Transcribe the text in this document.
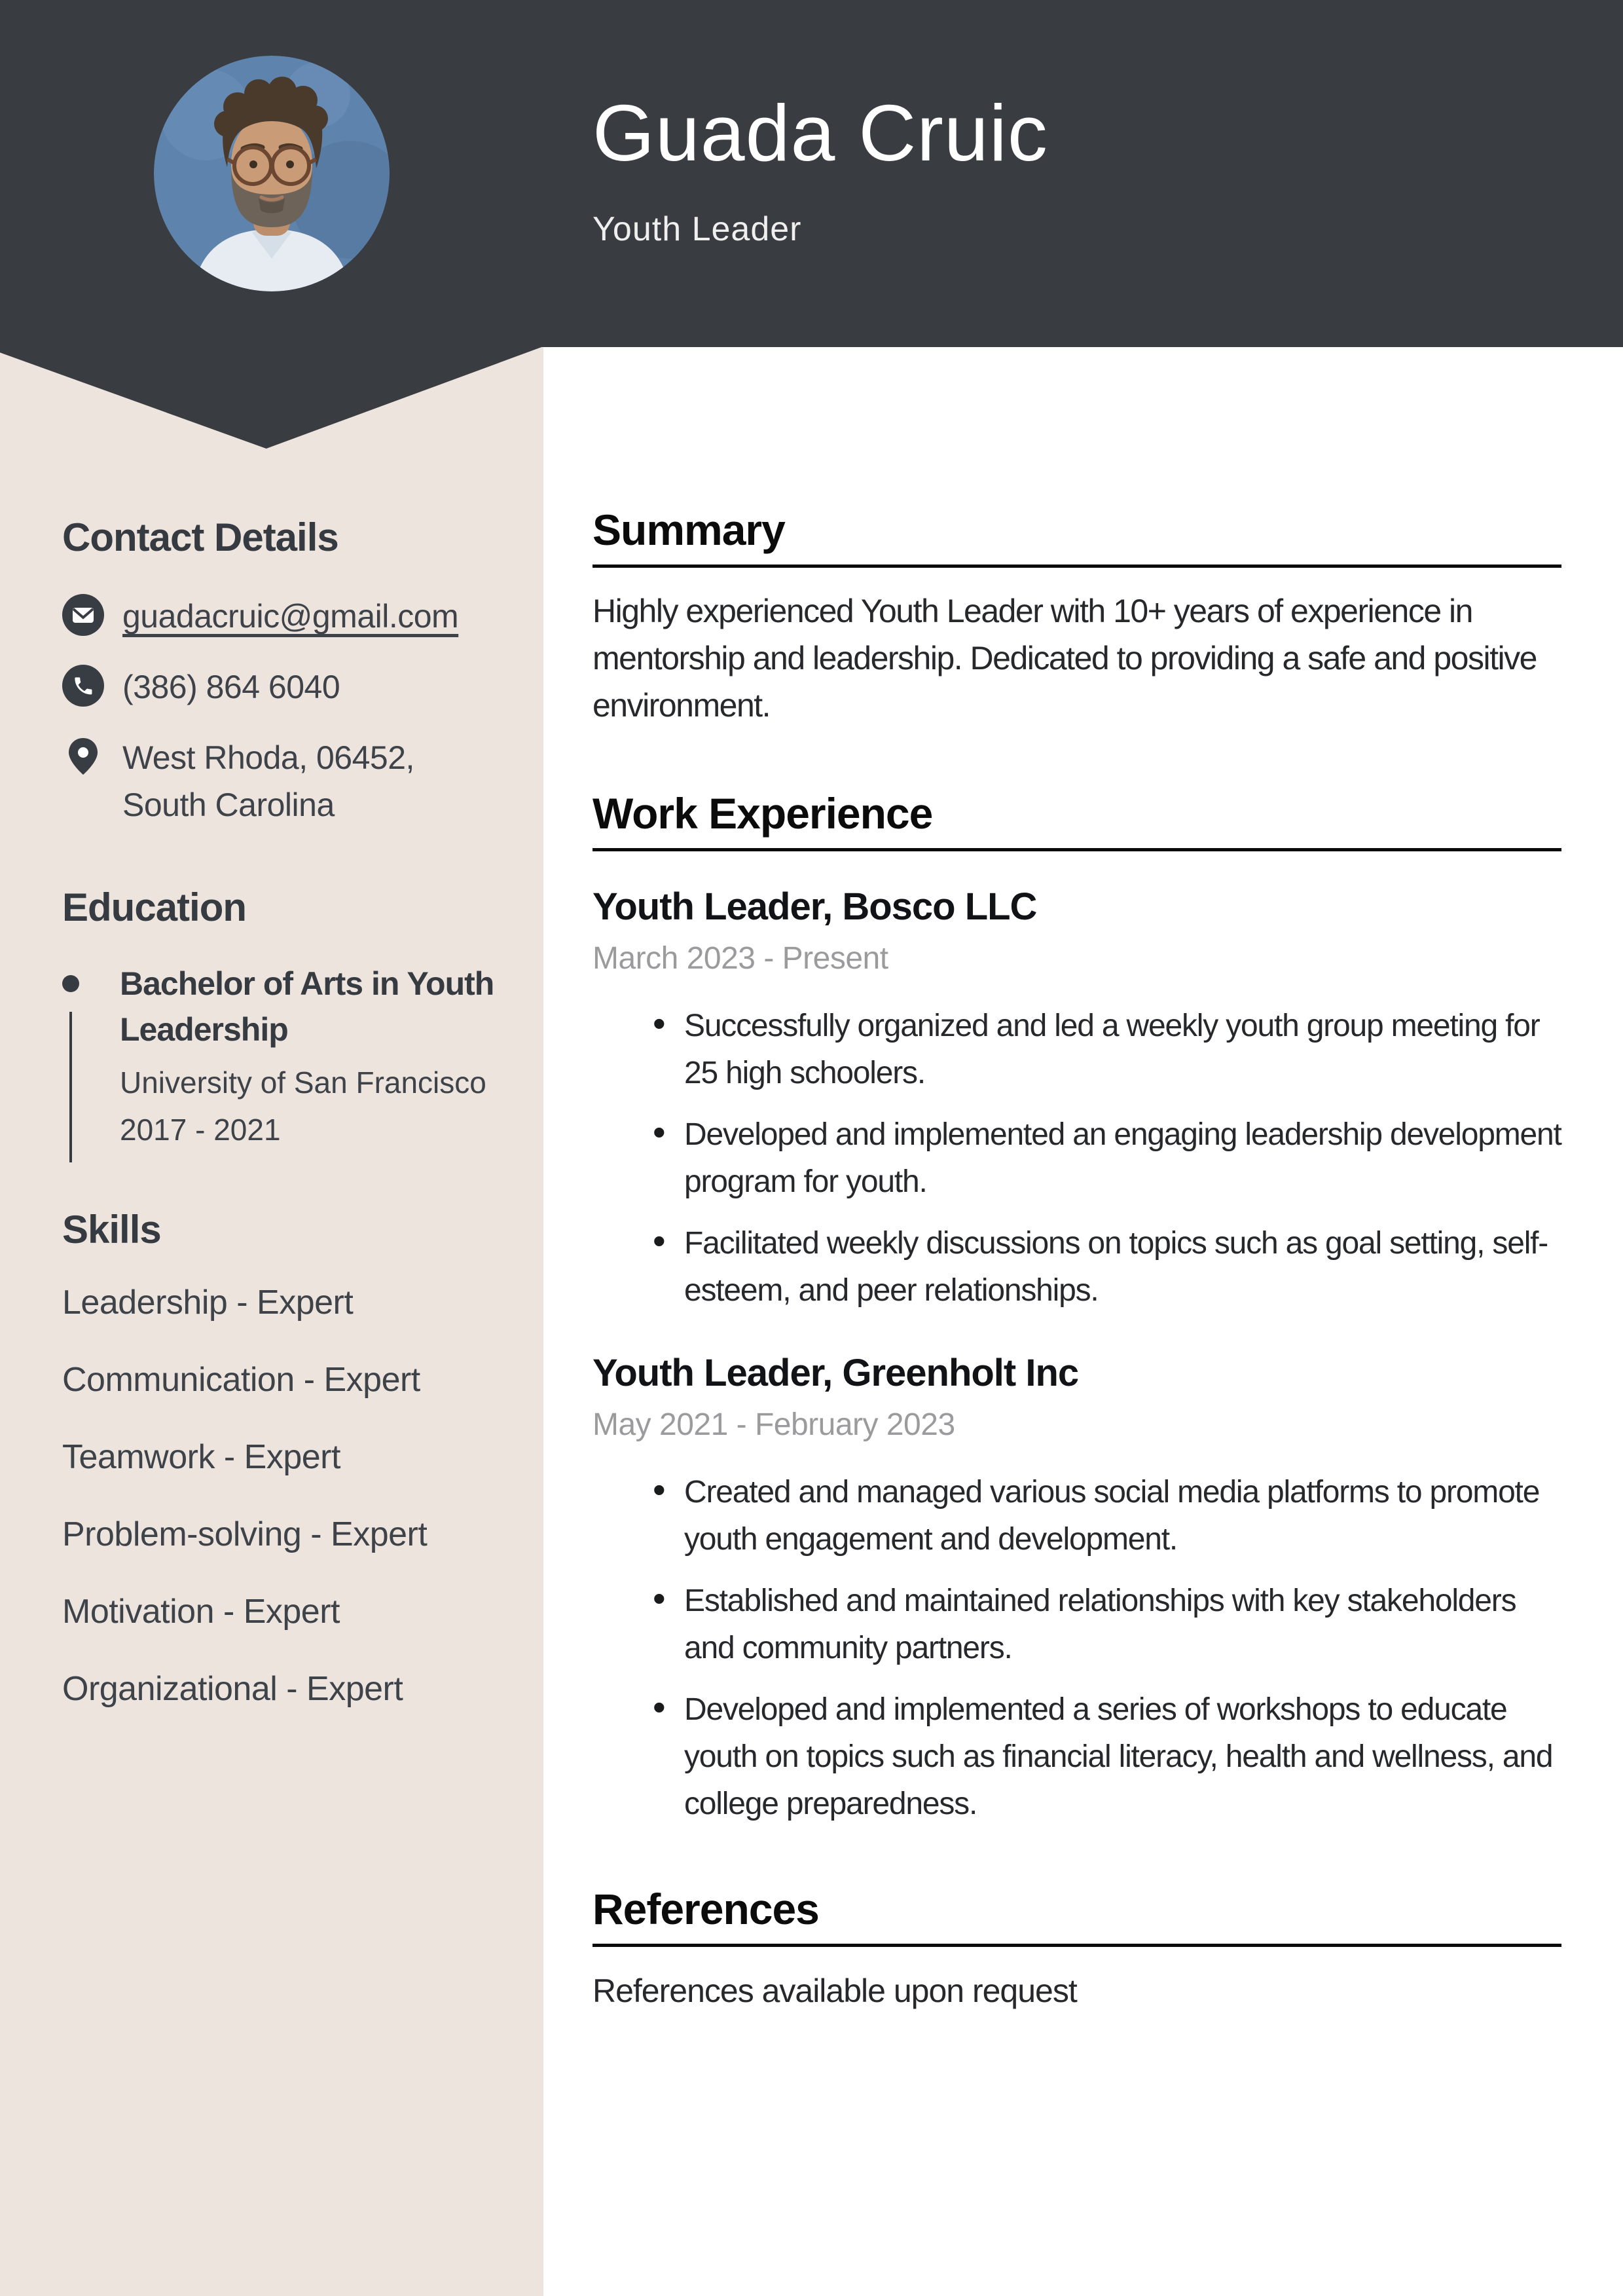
Guada Cruic
Youth Leader
Contact Details
guadacruic@gmail.com
(386) 864 6040
West Rhoda, 06452, South Carolina
Education
Bachelor of Arts in Youth Leadership
University of San Francisco
2017 - 2021
Skills
Leadership - Expert
Communication - Expert
Teamwork - Expert
Problem-solving - Expert
Motivation - Expert
Organizational - Expert
Summary

Highly experienced Youth Leader with 10+ years of experience in mentorship and leadership. Dedicated to providing a safe and positive environment.

Work Experience
Youth Leader, Bosco LLC
March 2023 - Present
• Successfully organized and led a weekly youth group meeting for 25 high schoolers.
• Developed and implemented an engaging leadership development program for youth.
• Facilitated weekly discussions on topics such as goal setting, self-esteem, and peer relationships.
Youth Leader, Greenholt Inc
May 2021 - February 2023
• Created and managed various social media platforms to promote youth engagement and development.
• Established and maintained relationships with key stakeholders and community partners.
• Developed and implemented a series of workshops to educate youth on topics such as financial literacy, health and wellness, and college preparedness.
References

References available upon request
